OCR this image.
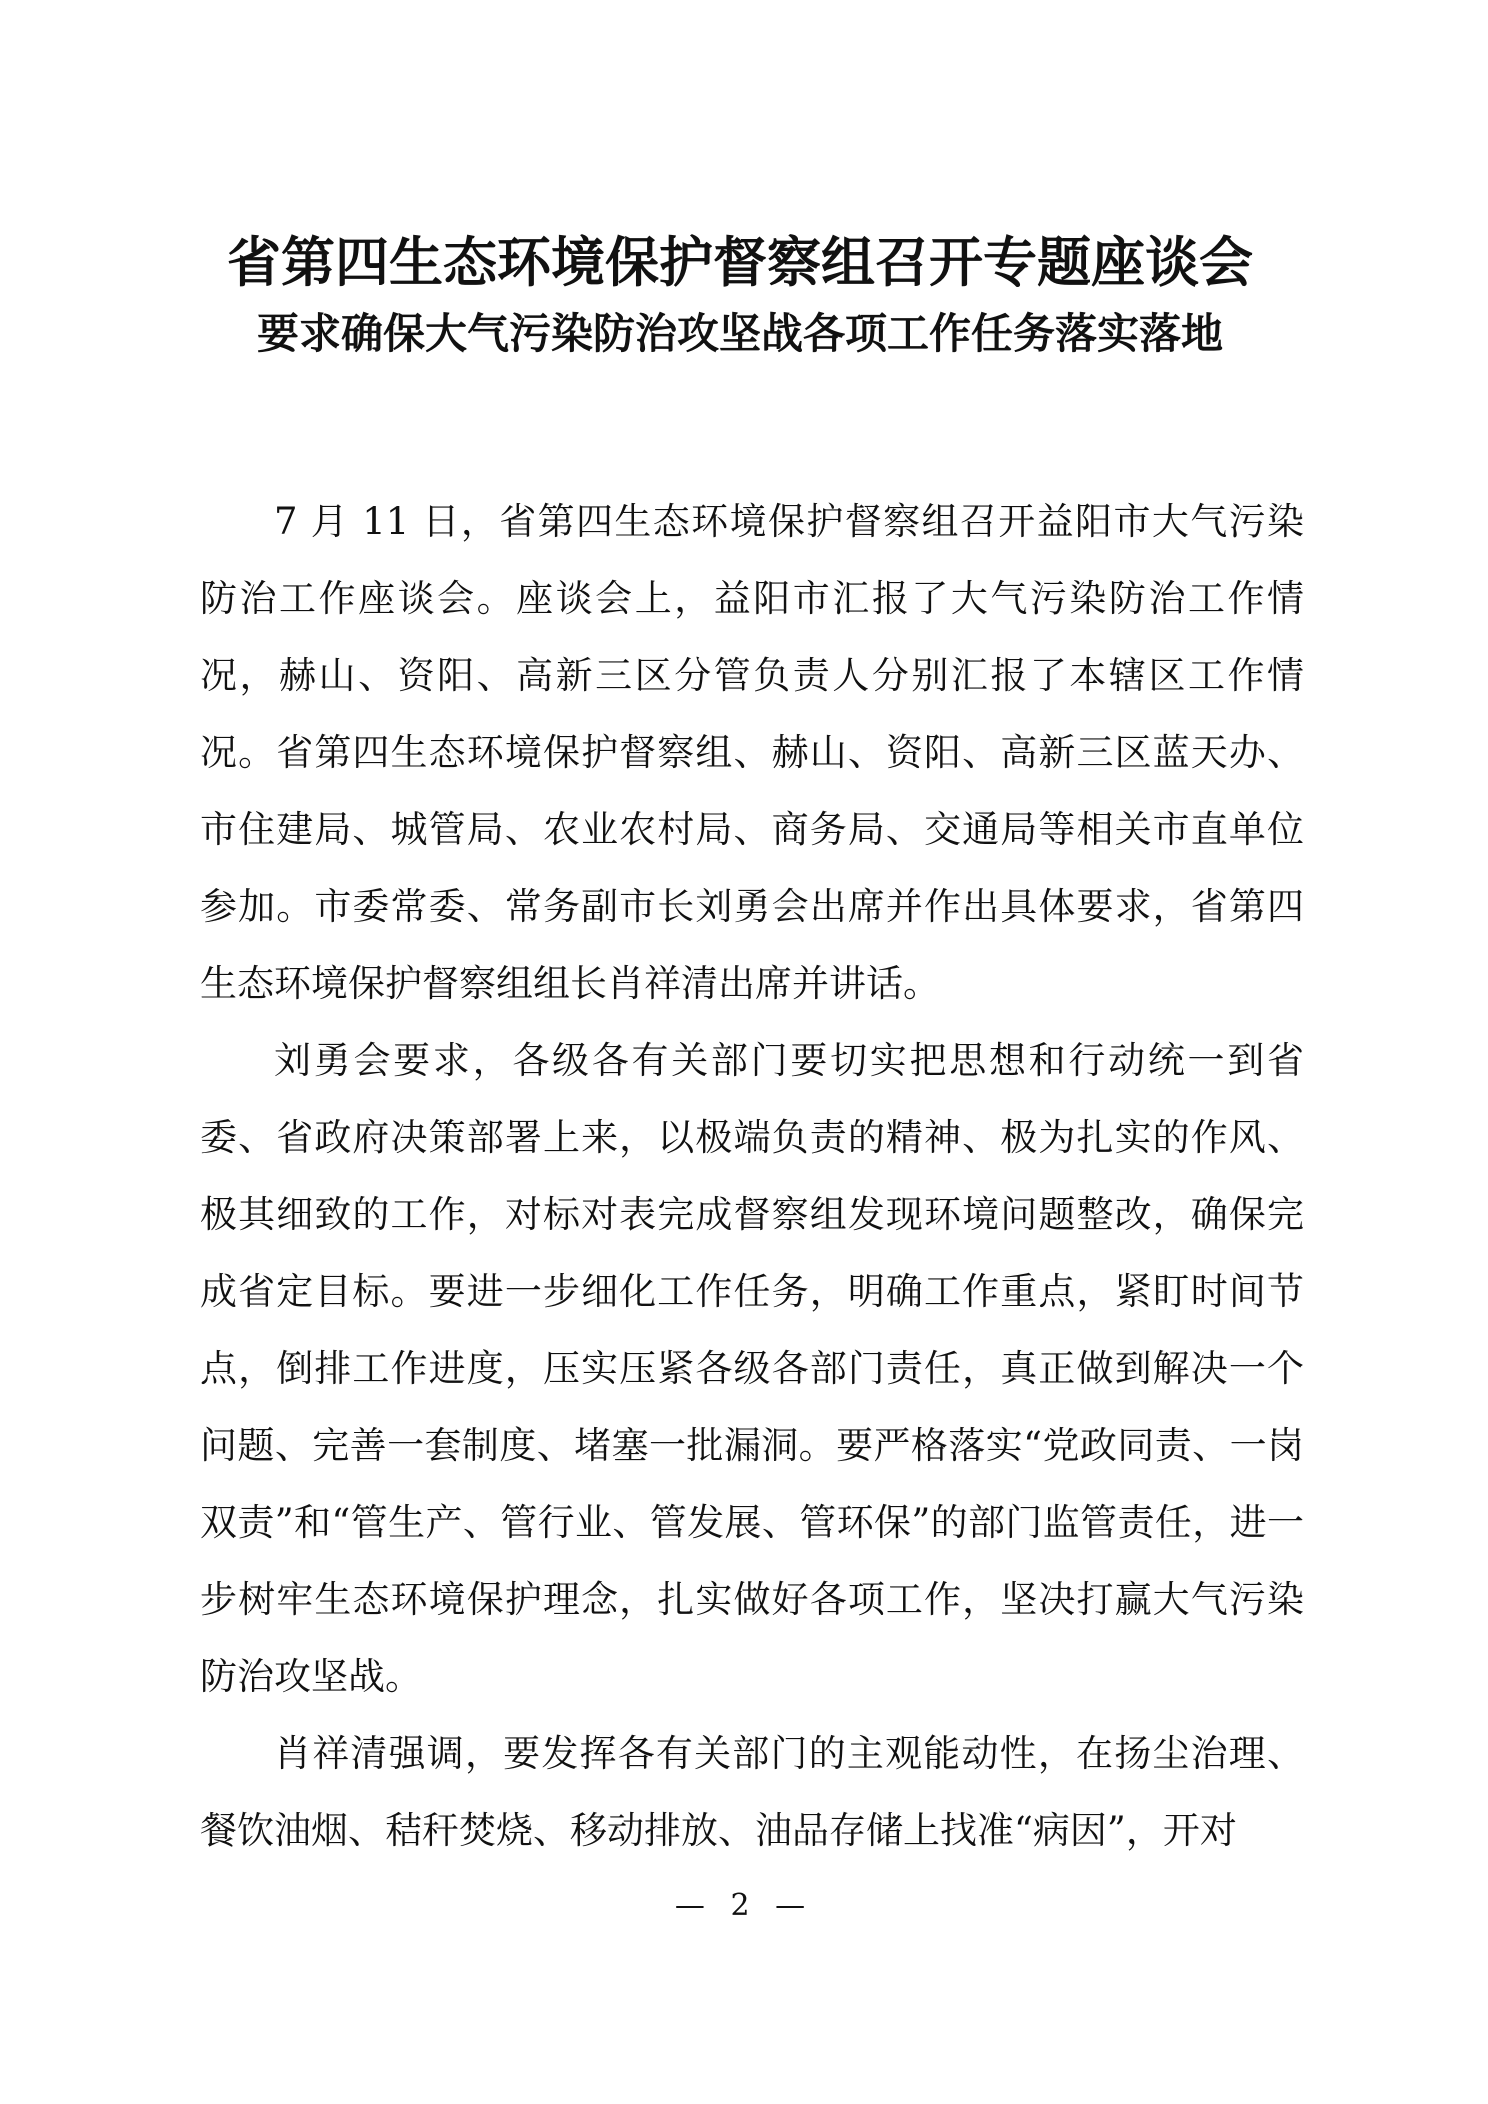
省第四生态环境保护督察组召开专题座谈会
要求确保大气污染防治攻坚战各项工作任务落实落地

7 月 11 日，省第四生态环境保护督察组召开益阳市大气污染防治工作座谈会。座谈会上，益阳市汇报了大气污染防治工作情况，赫山、资阳、高新三区分管负责人分别汇报了本辖区工作情况。省第四生态环境保护督察组、赫山、资阳、高新三区蓝天办、市住建局、城管局、农业农村局、商务局、交通局等相关市直单位参加。市委常委、常务副市长刘勇会出席并作出具体要求，省第四生态环境保护督察组组长肖祥清出席并讲话。

刘勇会要求，各级各有关部门要切实把思想和行动统一到省委、省政府决策部署上来，以极端负责的精神、极为扎实的作风、极其细致的工作，对标对表完成督察组发现环境问题整改，确保完成省定目标。要进一步细化工作任务，明确工作重点，紧盯时间节点，倒排工作进度，压实压紧各级各部门责任，真正做到解决一个问题、完善一套制度、堵塞一批漏洞。要严格落实“党政同责、一岗双责”和“管生产、管行业、管发展、管环保”的部门监管责任，进一步树牢生态环境保护理念，扎实做好各项工作，坚决打赢大气污染防治攻坚战。

肖祥清强调，要发挥各有关部门的主观能动性，在扬尘治理、餐饮油烟、秸秆焚烧、移动排放、油品存储上找准“病因”，开对

— 2 —
